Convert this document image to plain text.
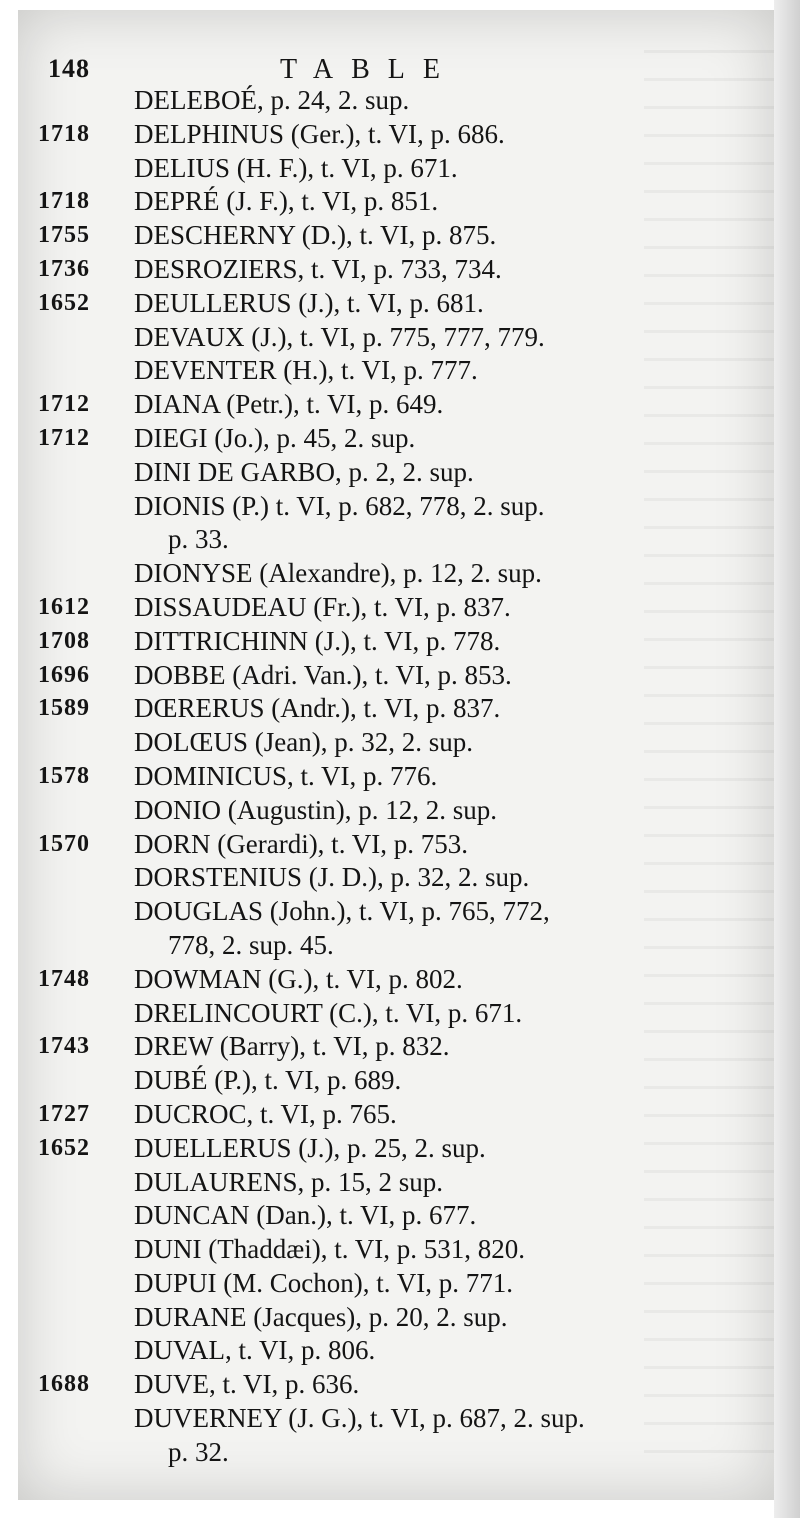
148	TABLE
DELEBOÉ, p. 24, 2. sup.
1718 DELPHINUS (Ger.), t. VI, p. 686.
DELIUS (H. F.), t. VI, p. 671.
1718 DEPRÉ (J. F.), t. VI, p. 851.
1755 DESCHERNY (D.), t. VI, p. 875.
1736 DESROZIERS, t. VI, p. 733, 734.
1652 DEULLERUS (J.), t. VI, p. 681.
DEVAUX (J.), t. VI, p. 775, 777, 779.
DEVENTER (H.), t. VI, p. 777.
1712 DIANA (Petr.), t. VI, p. 649.
1712 DIEGI (Jo.), p. 45, 2. sup.
DINI DE GARBO, p. 2, 2. sup.
DIONIS (P.) t. VI, p. 682, 778, 2. sup.
p. 33.
DIONYSE (Alexandre), p. 12, 2. sup.
1612 DISSAUDEAU (Fr.), t. VI, p. 837.
1708 DITTRICHINN (J.), t. VI, p. 778.
1696 DOBBE (Adri. Van.), t. VI, p. 853.
1589 DŒRERUS (Andr.), t. VI, p. 837.
DOLŒUS (Jean), p. 32, 2. sup.
1578 DOMINICUS, t. VI, p. 776.
DONIO (Augustin), p. 12, 2. sup.
1570 DORN (Gerardi), t. VI, p. 753.
DORSTENIUS (J. D.), p. 32, 2. sup.
DOUGLAS (John.), t. VI, p. 765, 772,
778, 2. sup. 45.
1748 DOWMAN (G.), t. VI, p. 802.
DRELINCOURT (C.), t. VI, p. 671.
1743 DREW (Barry), t. VI, p. 832.
DUBÉ (P.), t. VI, p. 689.
1727 DUCROC, t. VI, p. 765.
1652 DUELLERUS (J.), p. 25, 2. sup.
DULAURENS, p. 15, 2 sup.
DUNCAN (Dan.), t. VI, p. 677.
DUNI (Thaddæi), t. VI, p. 531, 820.
DUPUI (M. Cochon), t. VI, p. 771.
DURANE (Jacques), p. 20, 2. sup.
DUVAL, t. VI, p. 806.
1688 DUVE, t. VI, p. 636.
DUVERNEY (J. G.), t. VI, p. 687, 2. sup.
p. 32.
